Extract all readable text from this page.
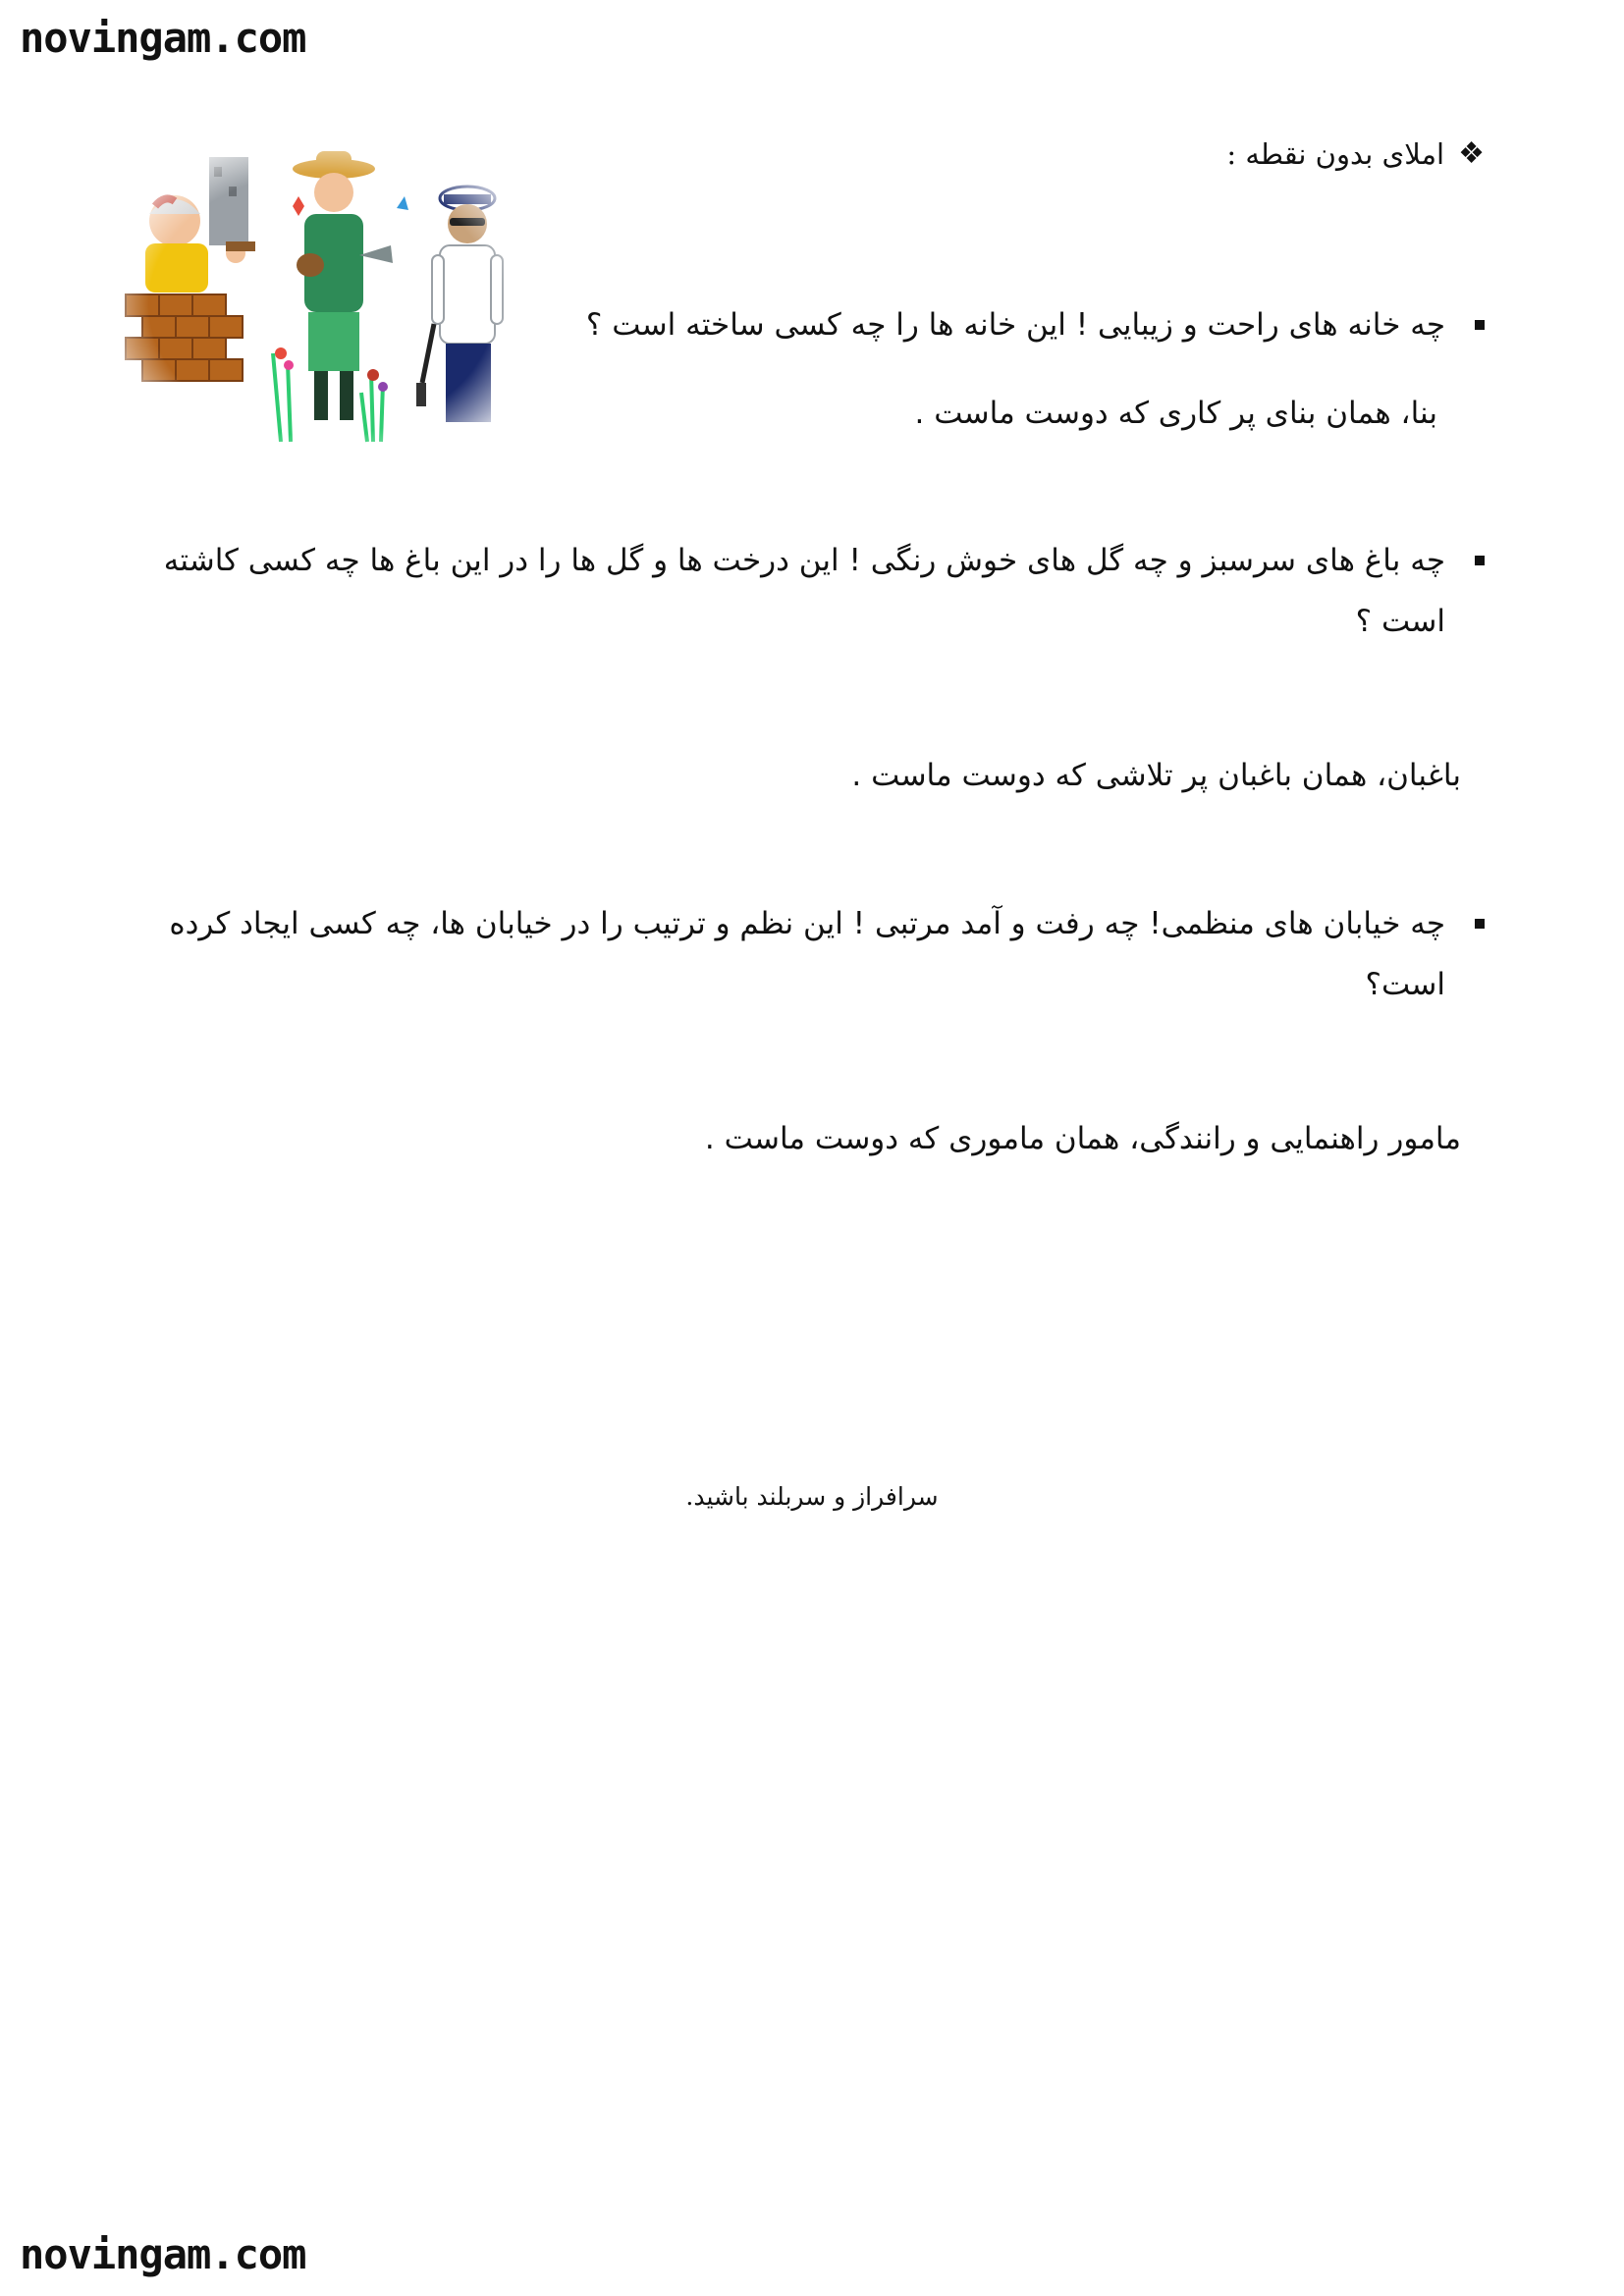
novingam.com
❖
املای بدون نقطه :
چه خانه های راحت و زیبایی ! این خانه ها را چه کسی ساخته است ؟
بنا، همان بنای پر کاری که دوست ماست .
چه باغ های سرسبز و چه گل های خوش رنگی ! این درخت ها و گل ها را در این باغ ها چه کسی کاشته است ؟
باغبان، همان باغبان پر تلاشی که دوست ماست .
چه خیابان های منظمی! چه رفت و آمد مرتبی ! این نظم و ترتیب را در خیابان ها، چه کسی ایجاد کرده است؟
مامور راهنمایی و رانندگی، همان ماموری که دوست ماست .
سرافراز و سربلند باشید.
novingam.com
